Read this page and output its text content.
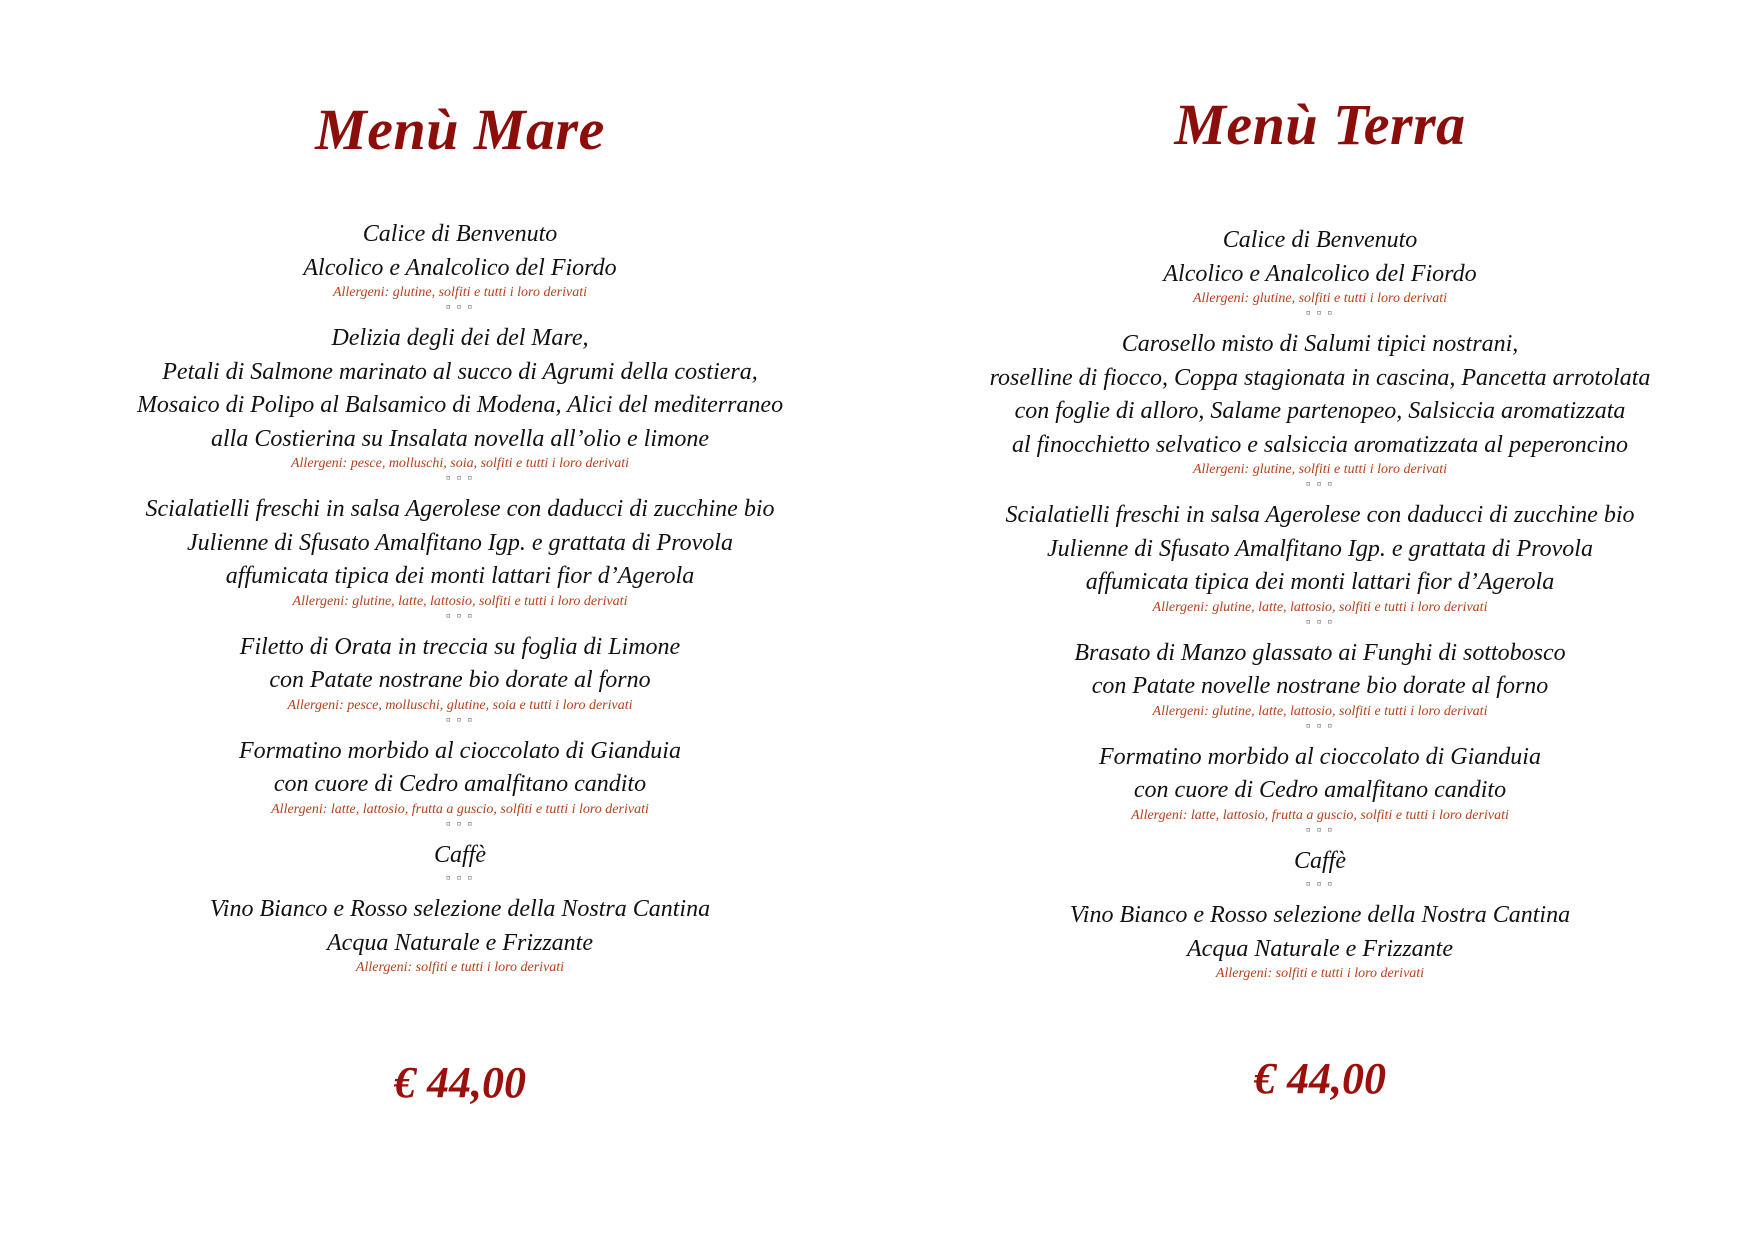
Menù Mare
Calice di Benvenuto
Alcolico e Analcolico del Fiordo
Allergeni: glutine, solfiti e tutti i loro derivati
¤ ¤ ¤
Delizia degli dei del Mare,
Petali di Salmone marinato al succo di Agrumi della costiera,
Mosaico di Polipo al Balsamico di Modena, Alici del mediterraneo
alla Costierina su Insalata novella all’olio e limone
Allergeni: pesce, molluschi, soia, solfiti e tutti i loro derivati
¤ ¤ ¤
Scialatielli freschi in salsa Agerolese con daducci di zucchine bio
Julienne di Sfusato Amalfitano Igp. e grattata di Provola
affumicata tipica dei monti lattari fior d’Agerola
Allergeni: glutine, latte, lattosio, solfiti e tutti i loro derivati
¤ ¤ ¤
Filetto di Orata in treccia su foglia di Limone
con Patate nostrane bio dorate al forno
Allergeni: pesce, molluschi, glutine, soia e tutti i loro derivati
¤ ¤ ¤
Formatino morbido al cioccolato di Gianduia
con cuore di Cedro amalfitano candito
Allergeni: latte, lattosio, frutta a guscio, solfiti e tutti i loro derivati
¤ ¤ ¤
Caffè
¤ ¤ ¤
Vino Bianco e Rosso selezione della Nostra Cantina
Acqua Naturale e Frizzante
Allergeni: solfiti e tutti i loro derivati
€ 44,00
Menù Terra
Calice di Benvenuto
Alcolico e Analcolico del Fiordo
Allergeni: glutine, solfiti e tutti i loro derivati
¤ ¤ ¤
Carosello misto di Salumi tipici nostrani,
roselline di fiocco, Coppa stagionata in cascina, Pancetta arrotolata
con foglie di alloro, Salame partenopeo, Salsiccia aromatizzata
al finocchietto selvatico e salsiccia aromatizzata al peperoncino
Allergeni: glutine, solfiti e tutti i loro derivati
¤ ¤ ¤
Scialatielli freschi in salsa Agerolese con daducci di zucchine bio
Julienne di Sfusato Amalfitano Igp. e grattata di Provola
affumicata tipica dei monti lattari fior d’Agerola
Allergeni: glutine, latte, lattosio, solfiti e tutti i loro derivati
¤ ¤ ¤
Brasato di Manzo glassato ai Funghi di sottobosco
con Patate novelle nostrane bio dorate al forno
Allergeni: glutine, latte, lattosio, solfiti e tutti i loro derivati
¤ ¤ ¤
Formatino morbido al cioccolato di Gianduia
con cuore di Cedro amalfitano candito
Allergeni: latte, lattosio, frutta a guscio, solfiti e tutti i loro derivati
¤ ¤ ¤
Caffè
¤ ¤ ¤
Vino Bianco e Rosso selezione della Nostra Cantina
Acqua Naturale e Frizzante
Allergeni: solfiti e tutti i loro derivati
€ 44,00
